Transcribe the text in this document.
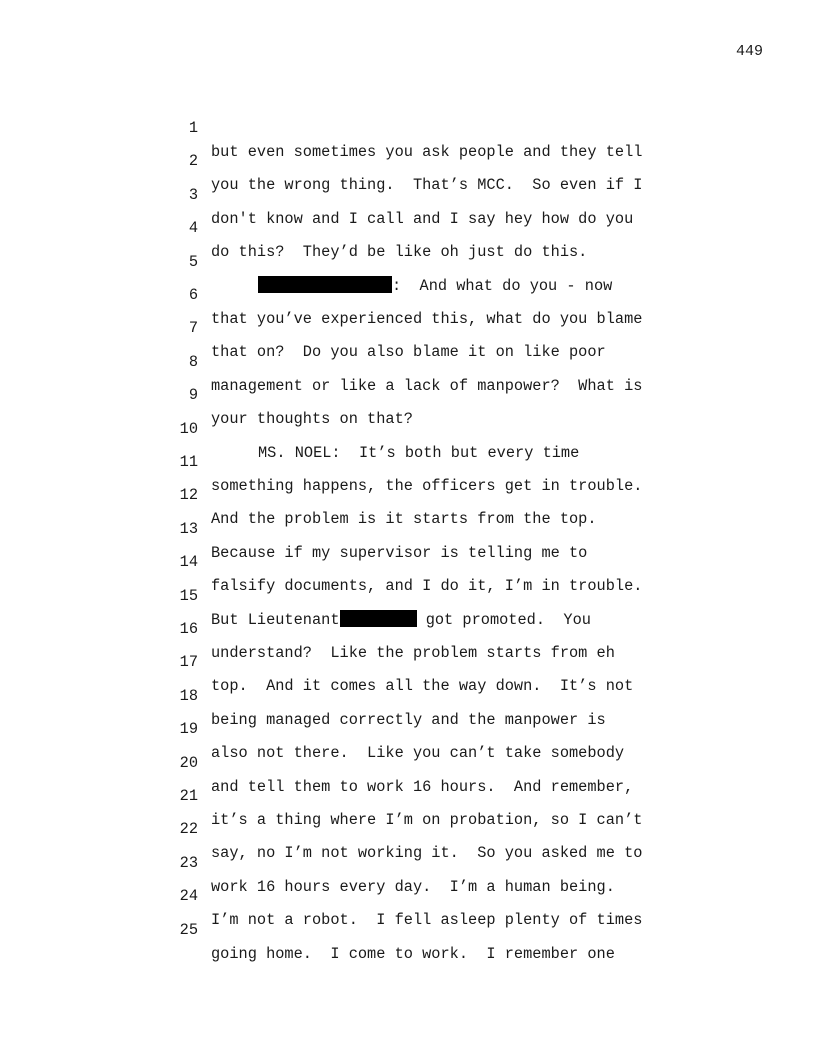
449

1

but even sometimes you ask people and they tell

2

you the wrong thing.  That’s MCC.  So even if I

3

don't know and I call and I say hey how do you

4

do this?  They’d be like oh just do this.

5

:  And what do you - now

6

that you’ve experienced this, what do you blame

7

that on?  Do you also blame it on like poor

8

management or like a lack of manpower?  What is

9

your thoughts on that?

10

MS. NOEL:  It’s both but every time

11

something happens, the officers get in trouble.

12

And the problem is it starts from the top.

13

Because if my supervisor is telling me to

14

falsify documents, and I do it, I’m in trouble.

15

But Lieutenant	got promoted.  You

16

understand?  Like the problem starts from eh

17

top.  And it comes all the way down.  It’s not

18

being managed correctly and the manpower is

19

also not there.  Like you can’t take somebody

20

and tell them to work 16 hours.  And remember,

21

it’s a thing where I’m on probation, so I can’t

22

say, no I’m not working it.  So you asked me to

23

work 16 hours every day.  I’m a human being.

24

I’m not a robot.  I fell asleep plenty of times

25

going home.  I come to work.  I remember one
